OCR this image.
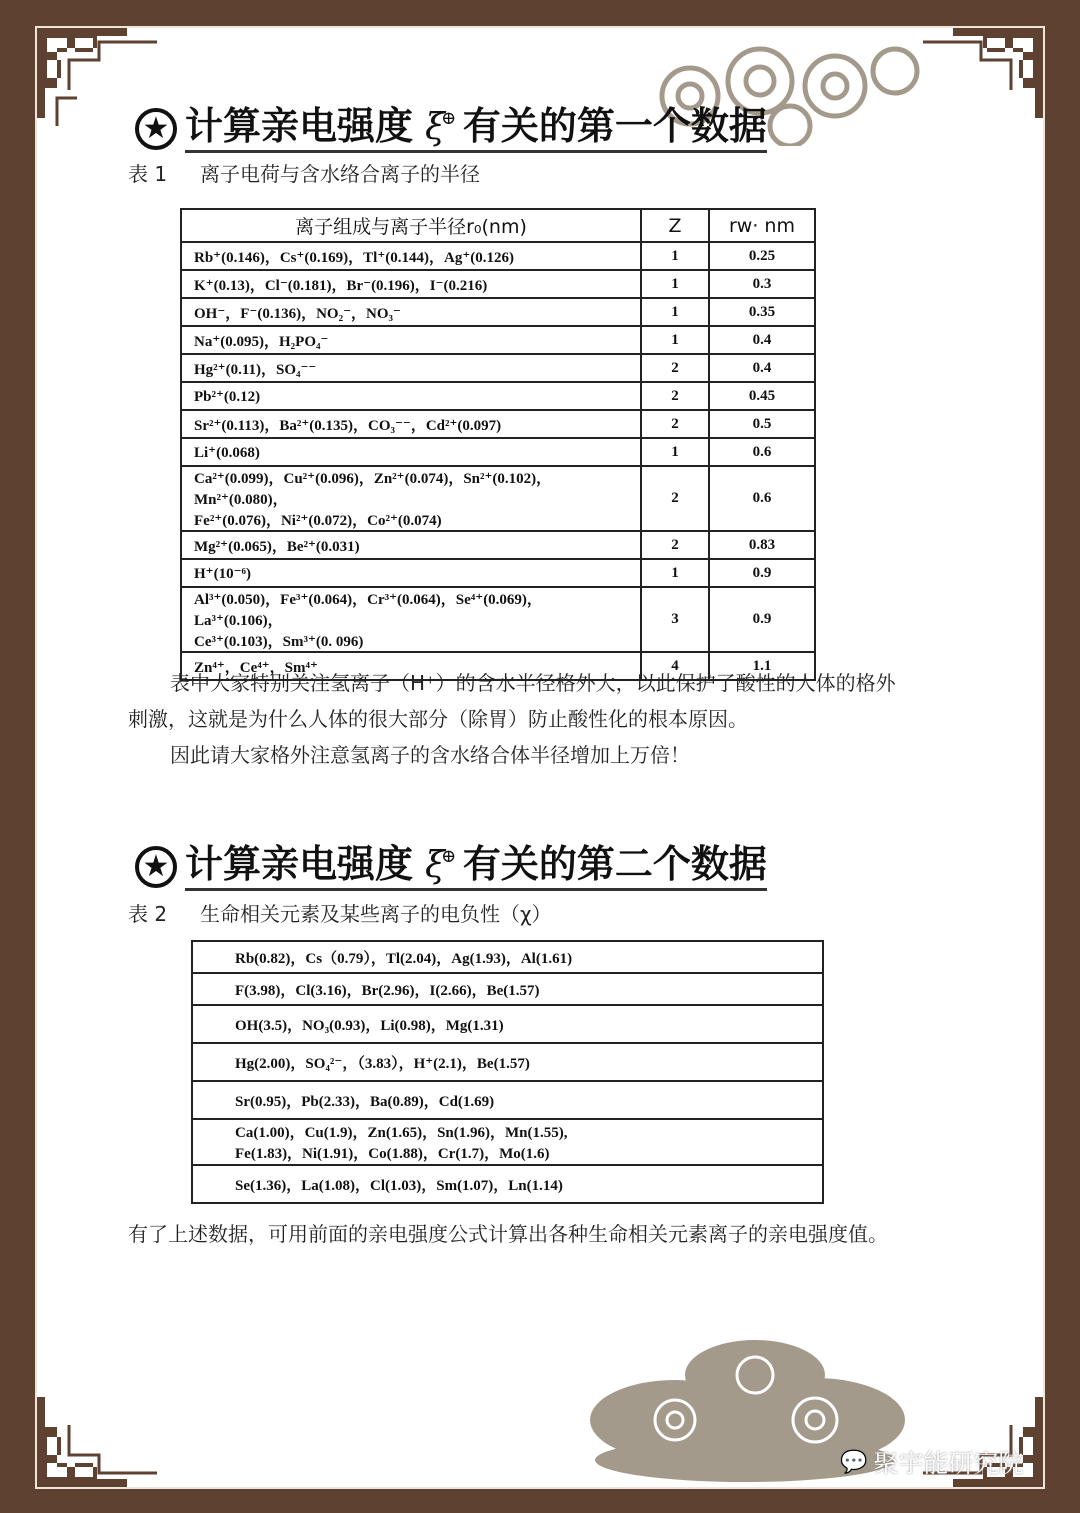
★ 计算亲电强度 ξ
⊕ 有关的第一个数据
表 1 离子电荷与含水络合离子的半径
离子组成与离子半径r₀(nm)	Z	rw· nm
Rb⁺(0.146)，Cs⁺(0.169)，Tl⁺(0.144)，Ag⁺(0.126)	1	0.25
K⁺(0.13)，Cl⁻(0.181)，Br⁻(0.196)，I⁻(0.216)	1	0.3
OH⁻，F⁻(0.136)，NO₂⁻，NO₃⁻	1	0.35
Na⁺(0.095)，H₂PO₄⁻	1	0.4
Hg²⁺(0.11)，SO₄⁻⁻	2	0.4
Pb²⁺(0.12)	2	0.45
Sr²⁺(0.113)，Ba²⁺(0.135)，CO₃⁻⁻，Cd²⁺(0.097)	2	0.5
Li⁺(0.068)	1	0.6
Ca²⁺(0.099)，Cu²⁺(0.096)，Zn²⁺(0.074)，Sn²⁺(0.102)，Mn²⁺(0.080)，
Fe²⁺(0.076)，Ni²⁺(0.072)，Co²⁺(0.074)	2	0.6
Mg²⁺(0.065)，Be²⁺(0.031)	2	0.83
H⁺(10⁻⁶)	1	0.9
Al³⁺(0.050)，Fe³⁺(0.064)，Cr³⁺(0.064)，Se⁴⁺(0.069)，La³⁺(0.106)，
Ce³⁺(0.103)，Sm³⁺(0. 096)	3	0.9
Zn⁴⁺，Ce⁴⁺，Sm⁴⁺	4	1.1
表中大家特别关注氢离子（H⁺）的含水半径格外大，以此保护了酸性的人体的格外
刺激，这就是为什么人体的很大部分（除胃）防止酸性化的根本原因。
因此请大家格外注意氢离子的含水络合体半径增加上万倍！
★ 计算亲电强度 ξ
⊕ 有关的第二个数据
表 2 生命相关元素及某些离子的电负性（χ）
Rb(0.82)，Cs（0.79），Tl(2.04)，Ag(1.93)，Al(1.61)
F(3.98)，Cl(3.16)，Br(2.96)，I(2.66)，Be(1.57)
OH(3.5)，NO₃(0.93)，Li(0.98)，Mg(1.31)
Hg(2.00)，SO₄²⁻，（3.83），H⁺(2.1)，Be(1.57)
Sr(0.95)，Pb(2.33)，Ba(0.89)，Cd(1.69)
Ca(1.00)，Cu(1.9)，Zn(1.65)，Sn(1.96)，Mn(1.55),
Fe(1.83)，Ni(1.91)，Co(1.88)，Cr(1.7)，Mo(1.6)
Se(1.36)，La(1.08)，Cl(1.03)，Sm(1.07)，Ln(1.14)
有了上述数据，可用前面的亲电强度公式计算出各种生命相关元素离子的亲电强度值。
💬 聚宇能研究院
